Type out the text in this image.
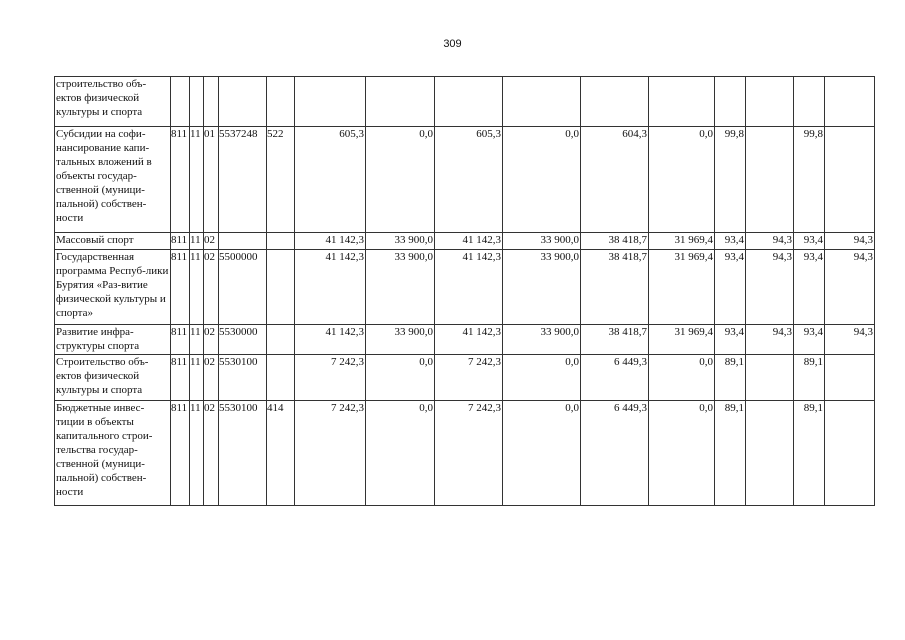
309
строительство объ-ектов физической культуры и спорта															
Субсидии на софи-нансирование капи-тальных вложений в объекты государ-ственной (муници-пальной) собствен-ности	811	11	01	5537248	522	605,3	0,0	605,3	0,0	604,3	0,0	99,8		99,8	
Массовый спорт	811	11	02			41 142,3	33 900,0	41 142,3	33 900,0	38 418,7	31 969,4	93,4	94,3	93,4	94,3
Государственная программа Респуб-лики Бурятия «Раз-витие физической культуры и спорта»	811	11	02	5500000		41 142,3	33 900,0	41 142,3	33 900,0	38 418,7	31 969,4	93,4	94,3	93,4	94,3
Развитие инфра-структуры спорта	811	11	02	5530000		41 142,3	33 900,0	41 142,3	33 900,0	38 418,7	31 969,4	93,4	94,3	93,4	94,3
Строительство объ-ектов физической культуры и спорта	811	11	02	5530100		7 242,3	0,0	7 242,3	0,0	6 449,3	0,0	89,1		89,1	
Бюджетные инвес-тиции в объекты капитального строи-тельства государ-ственной (муници-пальной) собствен-ности	811	11	02	5530100	414	7 242,3	0,0	7 242,3	0,0	6 449,3	0,0	89,1		89,1	
